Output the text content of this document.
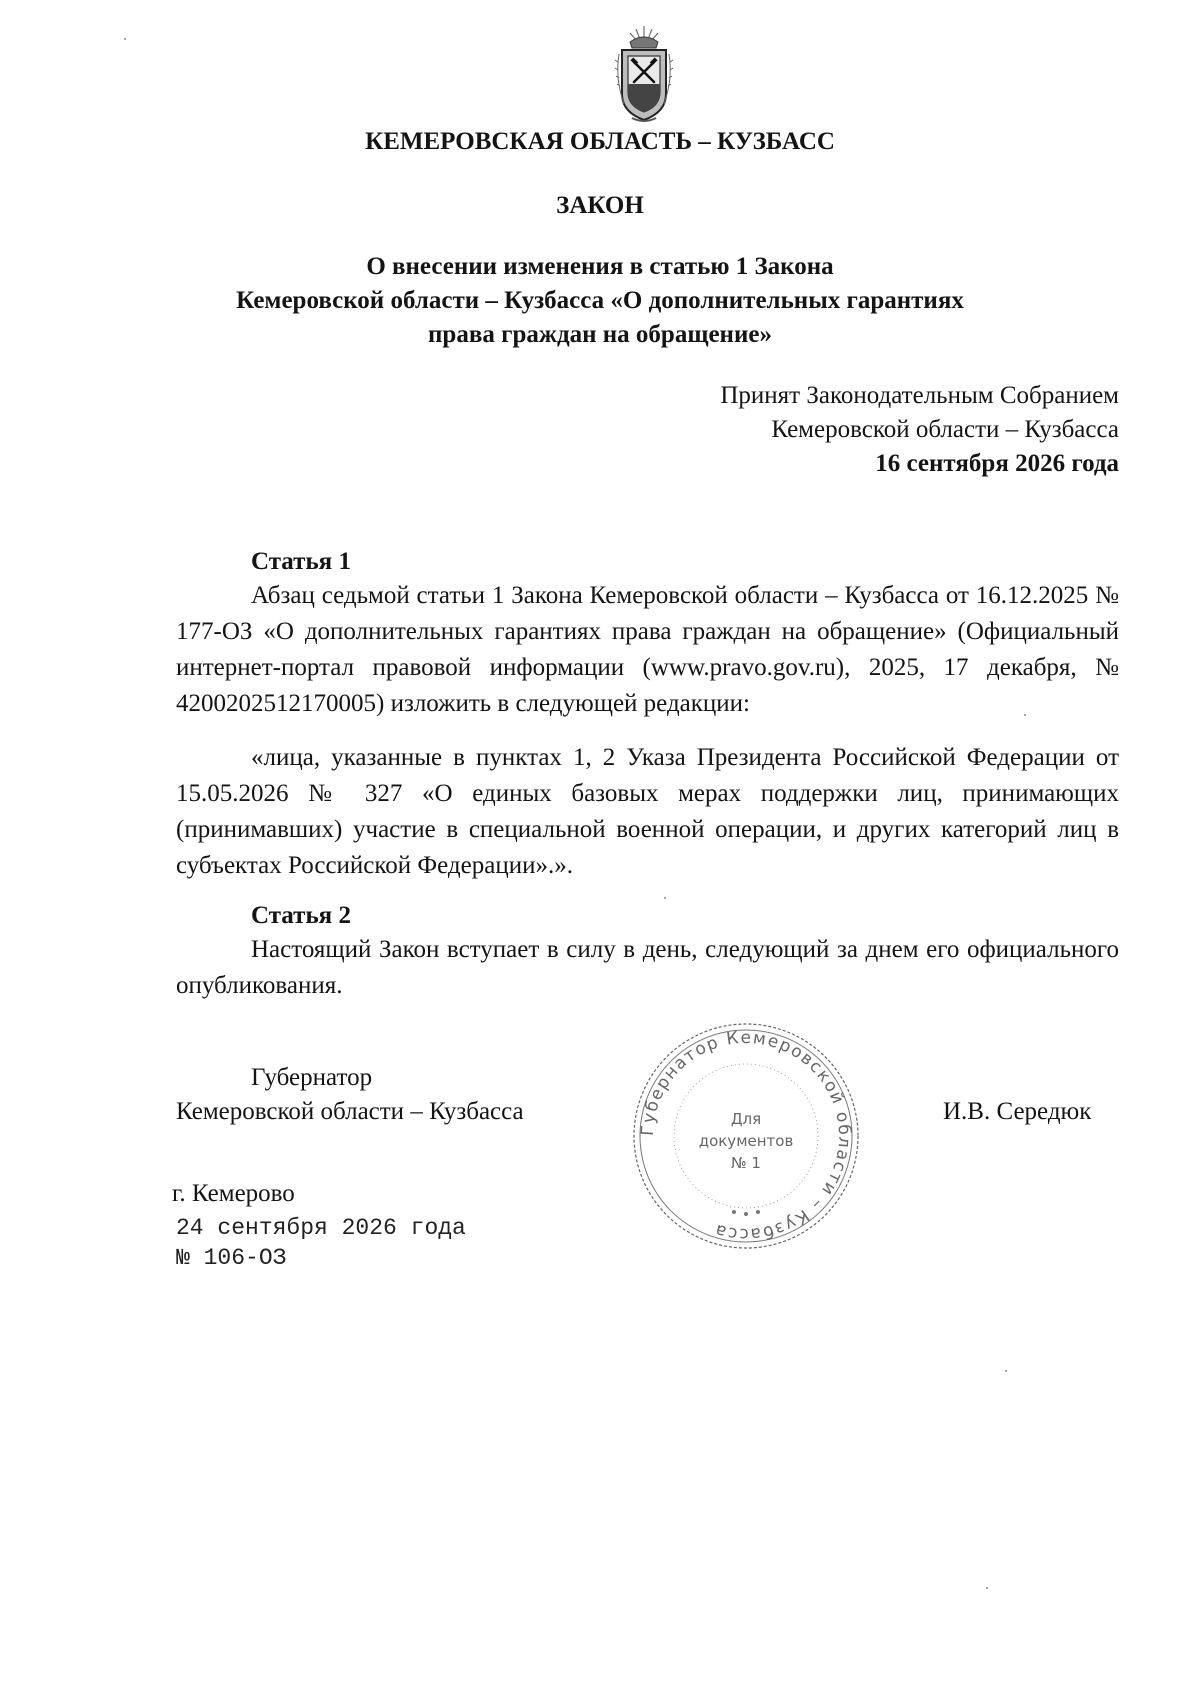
КЕМЕРОВСКАЯ ОБЛАСТЬ – КУЗБАСС
ЗАКОН
О внесении изменения в статью 1 Закона
Кемеровской области – Кузбасса «О дополнительных гарантиях
права граждан на обращение»
Принят Законодательным Собранием
Кемеровской области – Кузбасса
16 сентября 2026 года
Статья 1
Абзац седьмой статьи 1 Закона Кемеровской области – Кузбасса от 16.12.2025 № 177-ОЗ «О дополнительных гарантиях права граждан на обращение» (Официальный интернет-портал правовой информации (www.pravo.gov.ru), 2025, 17 декабря, № 4200202512170005) изложить в следующей редакции:
«лица, указанные в пунктах 1, 2 Указа Президента Российской Федерации от 15.05.2026 № 327 «О единых базовых мерах поддержки лиц, принимающих (принимавших) участие в специальной военной операции, и других категорий лиц в субъектах Российской Федерации».».
Статья 2
Настоящий Закон вступает в силу в день, следующий за днем его официального опубликования.
Губернатор
Кемеровской области – Кузбасса	И.В. Середюк
Губернатор Кемеровской области – Кузбасса
Для
документов
№ 1
г. Кемерово
24 сентября 2026 года
№ 106-ОЗ
